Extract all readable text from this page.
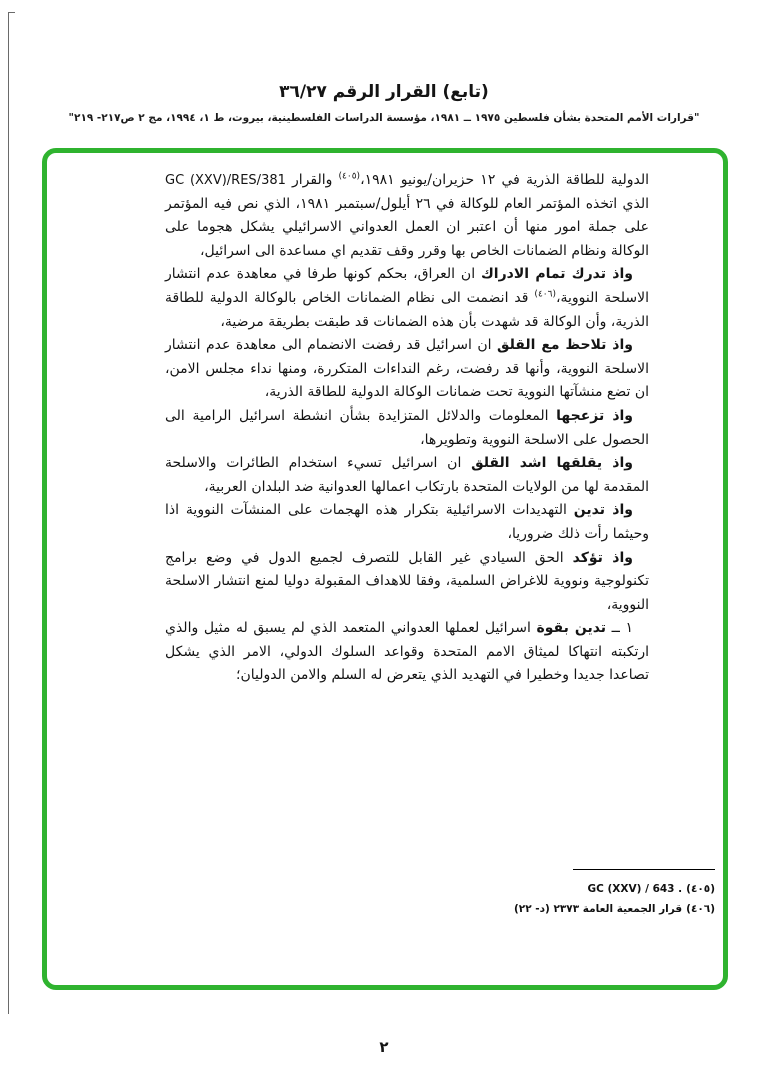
(تابع) القرار الرقم ٣٦/٢٧
"قرارات الأمم المتحدة بشأن فلسطين ١٩٧٥ ــ ١٩٨١، مؤسسة الدراسات الفلسطينية، بيروت، ط ١، ١٩٩٤، مج ٢ ص٢١٧- ٢١٩"

الدولية للطاقة الذرية في ١٢ حزيران/يونيو ١٩٨١،$^{(٤٠٥)}$ والقرار GC (XXV)/RES/381 الذي اتخذه المؤتمر العام للوكالة في ٢٦ أيلول/سبتمبر ١٩٨١، الذي نص فيه المؤتمر على جملة امور منها أن اعتبر ان العمل العدواني الاسرائيلي يشكل هجوما على الوكالة ونظام الضمانات الخاص بها وقرر وقف تقديم اي مساعدة الى اسرائيل،

واذ تدرك تمام الادراك ان العراق، بحكم كونها طرفا في معاهدة عدم انتشار الاسلحة النووية،$^{(٤٠٦)}$ قد انضمت الى نظام الضمانات الخاص بالوكالة الدولية للطاقة الذرية، وأن الوكالة قد شهدت بأن هذه الضمانات قد طبقت بطريقة مرضية،

واذ تلاحظ مع القلق ان اسرائيل قد رفضت الانضمام الى معاهدة عدم انتشار الاسلحة النووية، وأنها قد رفضت، رغم النداءات المتكررة، ومنها نداء مجلس الامن، ان تضع منشآتها النووية تحت ضمانات الوكالة الدولية للطاقة الذرية،

واذ تزعجها المعلومات والدلائل المتزايدة بشأن انشطة اسرائيل الرامية الى الحصول على الاسلحة النووية وتطويرها،

واذ يقلقها اشد القلق ان اسرائيل تسيء استخدام الطائرات والاسلحة المقدمة لها من الولايات المتحدة بارتكاب اعمالها العدوانية ضد البلدان العربية،

واذ تدين التهديدات الاسرائيلية بتكرار هذه الهجمات على المنشآت النووية اذا وحيثما رأت ذلك ضروريا،

واذ تؤكد الحق السيادي غير القابل للتصرف لجميع الدول في وضع برامج تكنولوجية ونووية للاغراض السلمية، وفقا للاهداف المقبولة دوليا لمنع انتشار الاسلحة النووية،

١ ــ تدين بقوة اسرائيل لعملها العدواني المتعمد الذي لم يسبق له مثيل والذي ارتكبته انتهاكا لميثاق الامم المتحدة وقواعد السلوك الدولي، الامر الذي يشكل تصاعدا جديدا وخطيرا في التهديد الذي يتعرض له السلم والامن الدوليان؛

(٤٠٥)GC (XXV) / 643 .
(٤٠٦)قرار الجمعية العامة ٢٣٧٣ (د- ٢٢)
٢
